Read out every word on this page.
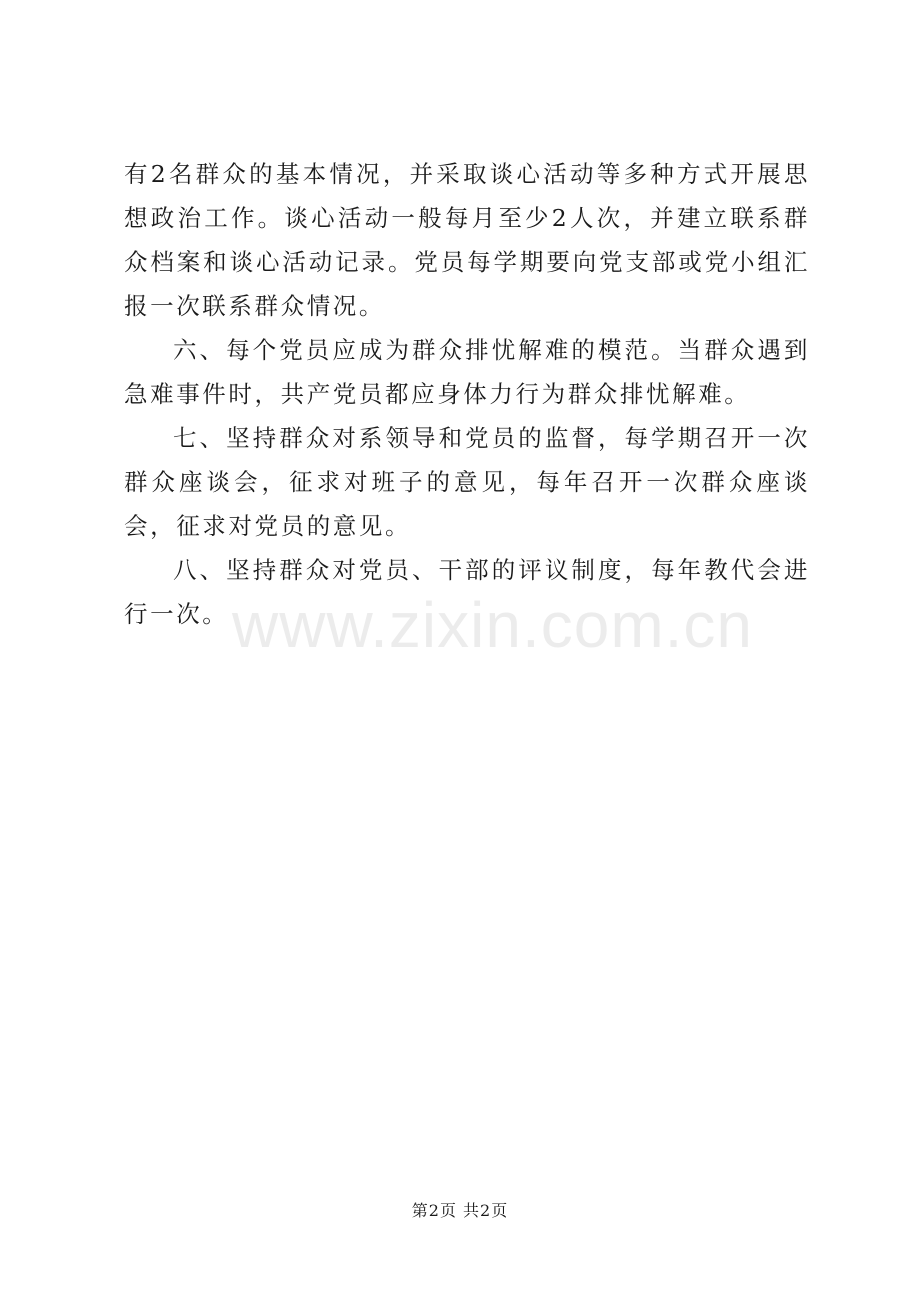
有2名群众的基本情况，并采取谈心活动等多种方式开展思想政治工作。谈心活动一般每月至少2人次，并建立联系群众档案和谈心活动记录。党员每学期要向党支部或党小组汇报一次联系群众情况。

六、每个党员应成为群众排忧解难的模范。当群众遇到急难事件时，共产党员都应身体力行为群众排忧解难。

七、坚持群众对系领导和党员的监督，每学期召开一次群众座谈会，征求对班子的意见，每年召开一次群众座谈会，征求对党员的意见。

八、坚持群众对党员、干部的评议制度，每年教代会进行一次。 www.zixin.com.cn
第2页 共2页
